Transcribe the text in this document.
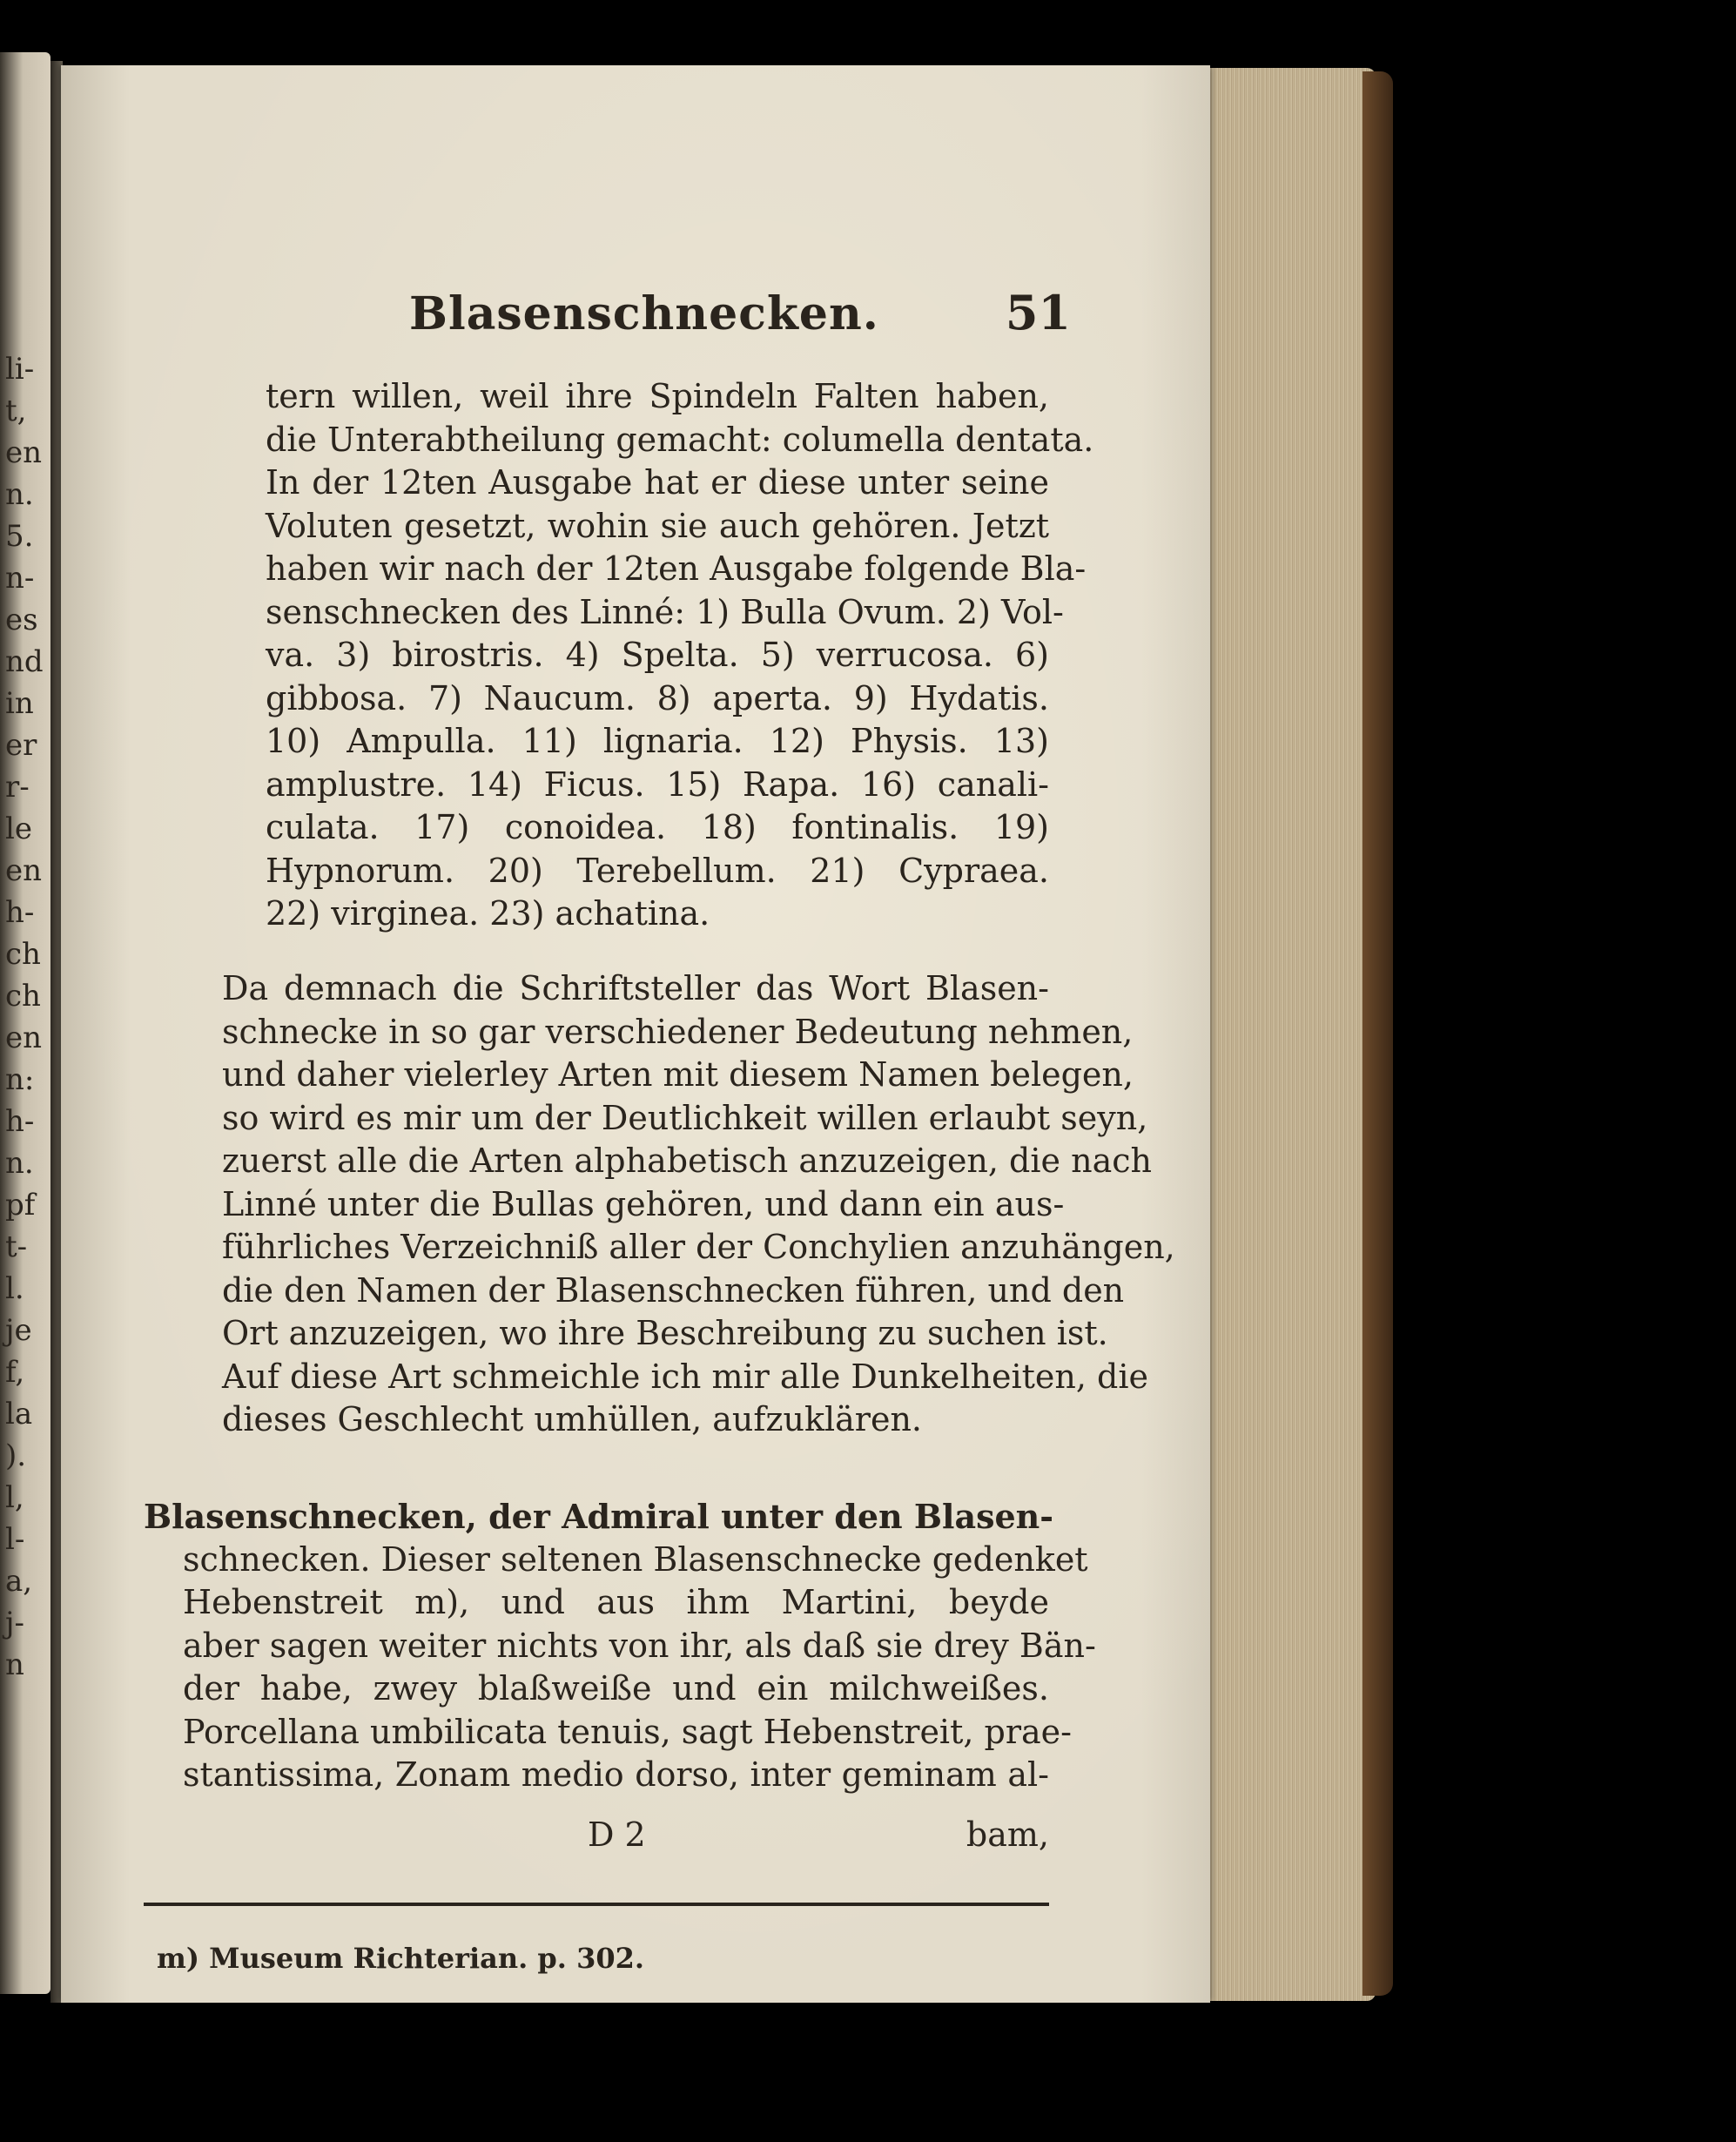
li-
t,
en
n.
5.
n-
es
nd
in
er
r-
le
en
h-
ch
ch
en
n:
h-
n.
pf
t-
l.
je
f,
la
).
l,
l-
a,
j-
n
Blasenschnecken.	51
tern willen, weil ihre Spindeln Falten haben,
die Unterabtheilung gemacht: columella dentata.
In der 12ten Ausgabe hat er diese unter seine
Voluten gesetzt, wohin sie auch gehören. Jetzt
haben wir nach der 12ten Ausgabe folgende Bla-
senschnecken des Linné: 1) Bulla Ovum. 2) Vol-
va. 3) birostris. 4) Spelta. 5) verrucosa. 6)
gibbosa. 7) Naucum. 8) aperta. 9) Hydatis.
10) Ampulla. 11) lignaria. 12) Physis. 13)
amplustre. 14) Ficus. 15) Rapa. 16) canali-
culata. 17) conoidea. 18) fontinalis. 19)
Hypnorum. 20) Terebellum. 21) Cypraea.
22) virginea. 23) achatina.
Da demnach die Schriftsteller das Wort Blasen-
schnecke in so gar verschiedener Bedeutung nehmen,
und daher vielerley Arten mit diesem Namen belegen,
so wird es mir um der Deutlichkeit willen erlaubt seyn,
zuerst alle die Arten alphabetisch anzuzeigen, die nach
Linné unter die Bullas gehören, und dann ein aus-
führliches Verzeichniß aller der Conchylien anzuhängen,
die den Namen der Blasenschnecken führen, und den
Ort anzuzeigen, wo ihre Beschreibung zu suchen ist.
Auf diese Art schmeichle ich mir alle Dunkelheiten, die
dieses Geschlecht umhüllen, aufzuklären.
Blasenschnecken, der Admiral unter den Blasen-
schnecken. Dieser seltenen Blasenschnecke gedenket
Hebenstreit m), und aus ihm Martini, beyde
aber sagen weiter nichts von ihr, als daß sie drey Bän-
der habe, zwey blaßweiße und ein milchweißes.
Porcellana umbilicata tenuis, sagt Hebenstreit, prae-
stantissima, Zonam medio dorso, inter geminam al-
D 2	bam,
m) Museum Richterian. p. 302.
